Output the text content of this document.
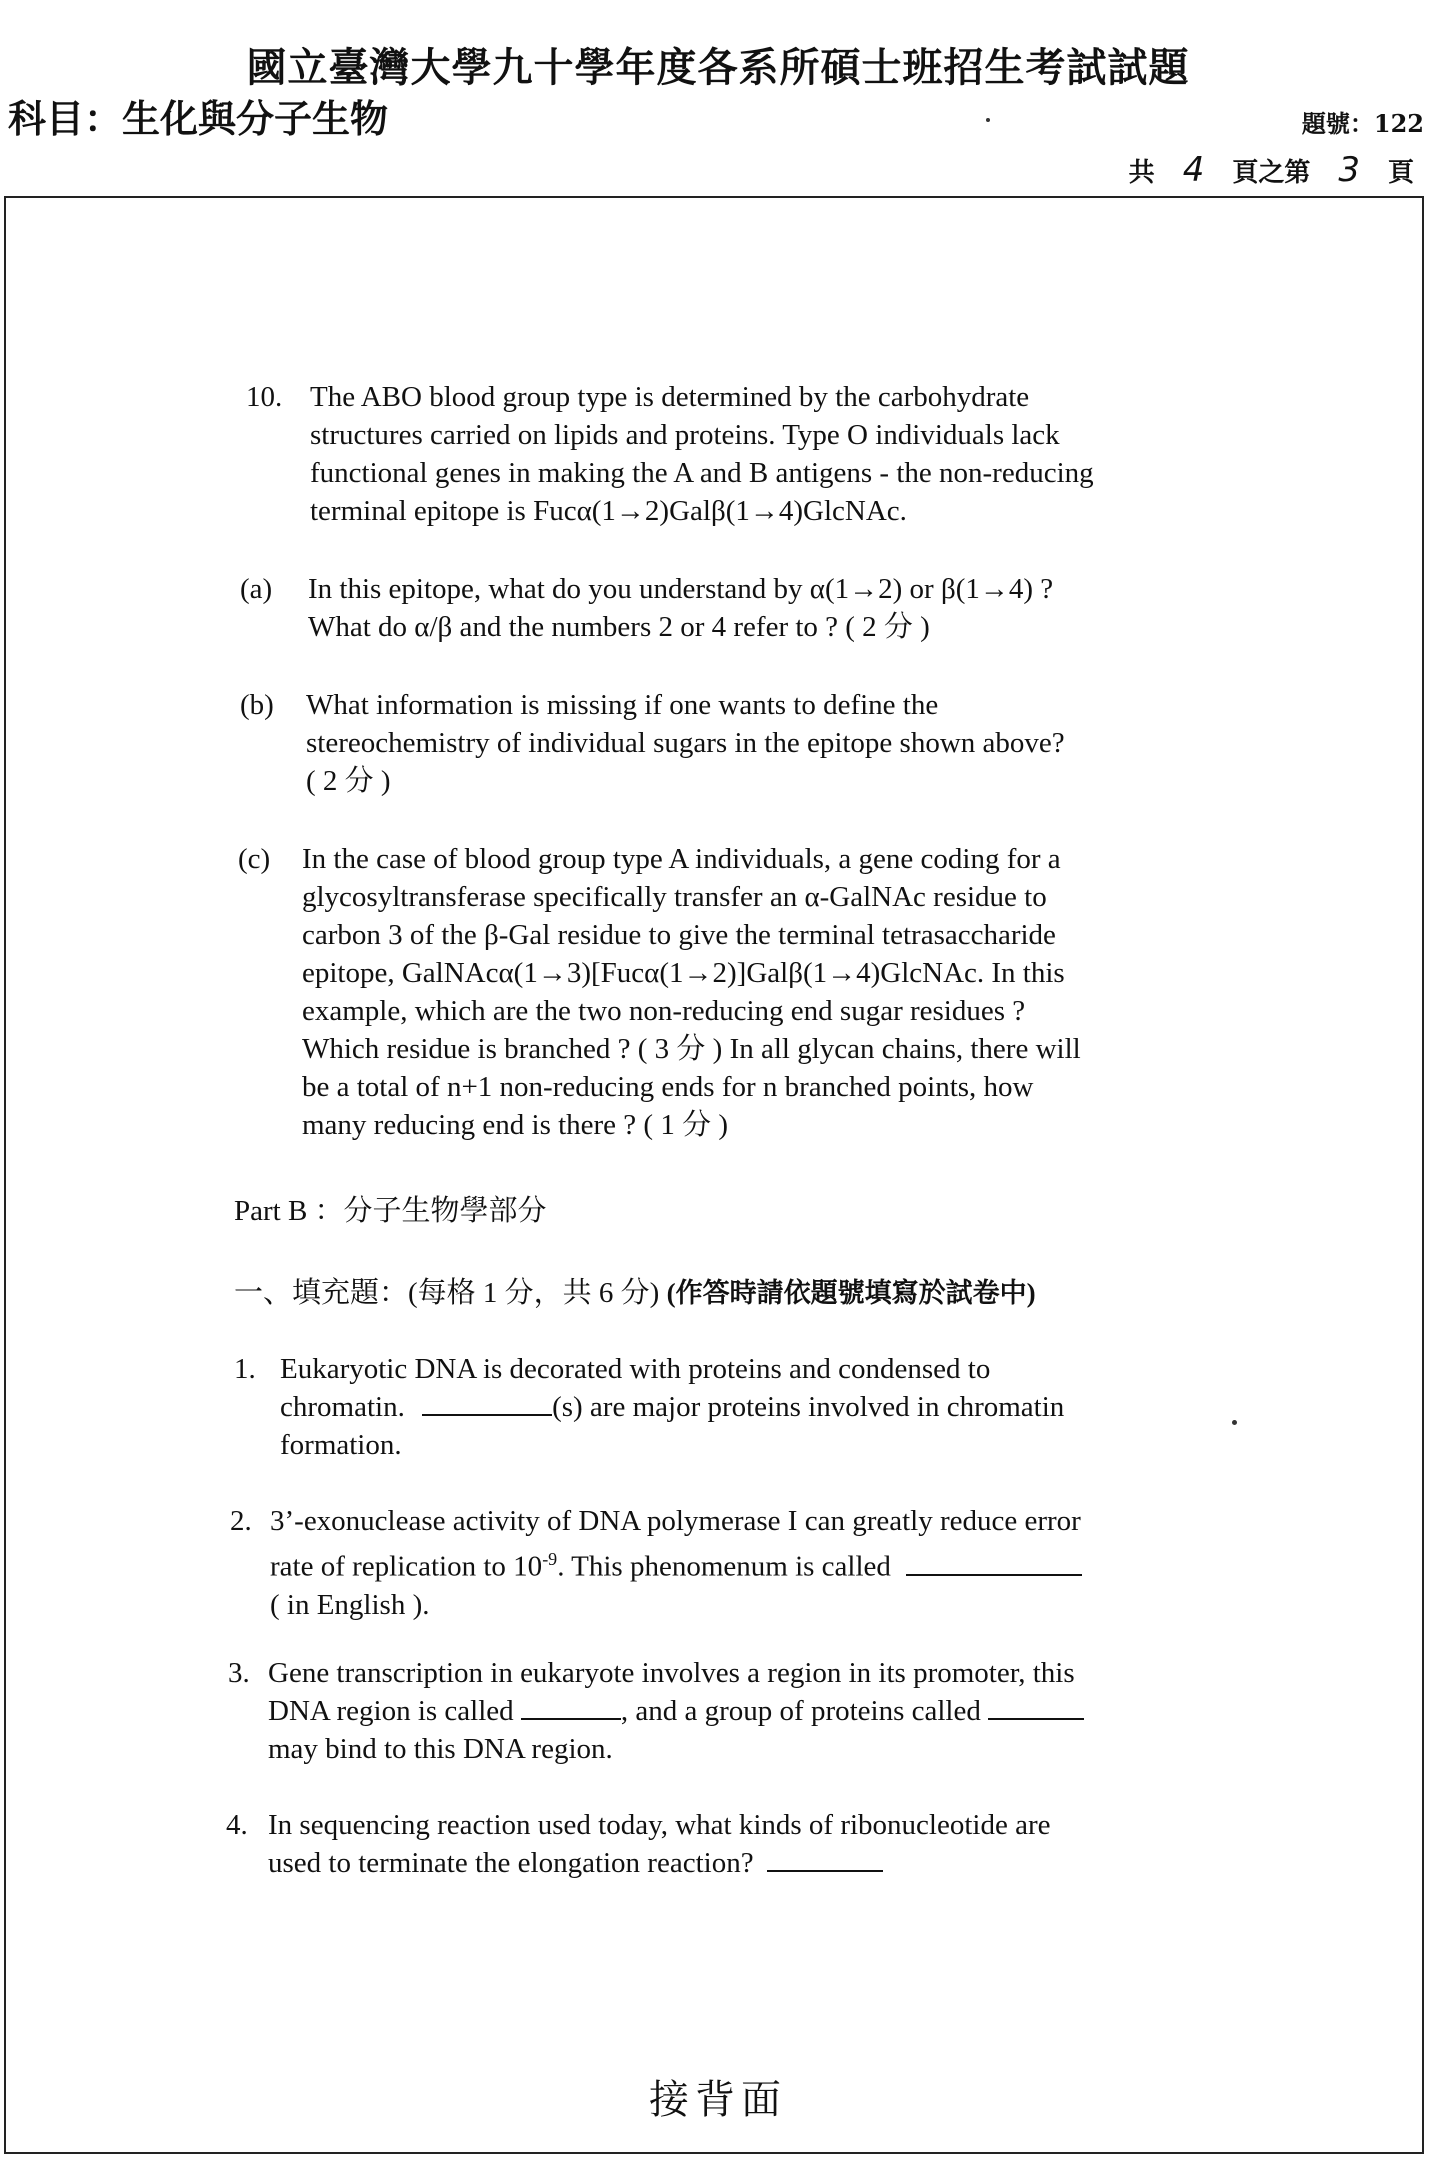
國立臺灣大學九十學年度各系所碩士班招生考試試題
科目：生化與分子生物	題號：122
共 4	頁之第 3	頁
10. The ABO blood group type is determined by the carbohydrate
structures carried on lipids and proteins. Type O individuals lack
functional genes in making the A and B antigens - the non-reducing
terminal epitope is Fucα(1→2)Galβ(1→4)GlcNAc.
(a) In this epitope, what do you understand by α(1→2) or β(1→4) ?
What do α/β and the numbers 2 or 4 refer to ? ( 2 分 )
(b) What information is missing if one wants to define the
stereochemistry of individual sugars in the epitope shown above?
( 2 分 )
(c) In the case of blood group type A individuals, a gene coding for a
glycosyltransferase specifically transfer an α-GalNAc residue to
carbon 3 of the β-Gal residue to give the terminal tetrasaccharide
epitope, GalNAcα(1→3)[Fucα(1→2)]Galβ(1→4)GlcNAc. In this
example, which are the two non-reducing end sugar residues ?
Which residue is branched ? ( 3 分 ) In all glycan chains, there will
be a total of n+1 non-reducing ends for n branched points, how
many reducing end is there ? ( 1 分 )
Part B ：分子生物學部分
一、填充題：(每格 1 分，共 6 分) (作答時請依題號填寫於試卷中)
1. Eukaryotic DNA is decorated with proteins and condensed to
chromatin.	(s) are major proteins involved in chromatin
formation.
2. 3’-exonuclease activity of DNA polymerase I can greatly reduce error
rate of replication to $10^{-9}$. This phenomenum is called
( in English ).
3. Gene transcription in eukaryote involves a region in its promoter, this
DNA region is called	, and a group of proteins called
may bind to this DNA region.
4. In sequencing reaction used today, what kinds of ribonucleotide are
used to terminate the elongation reaction?
接背面
